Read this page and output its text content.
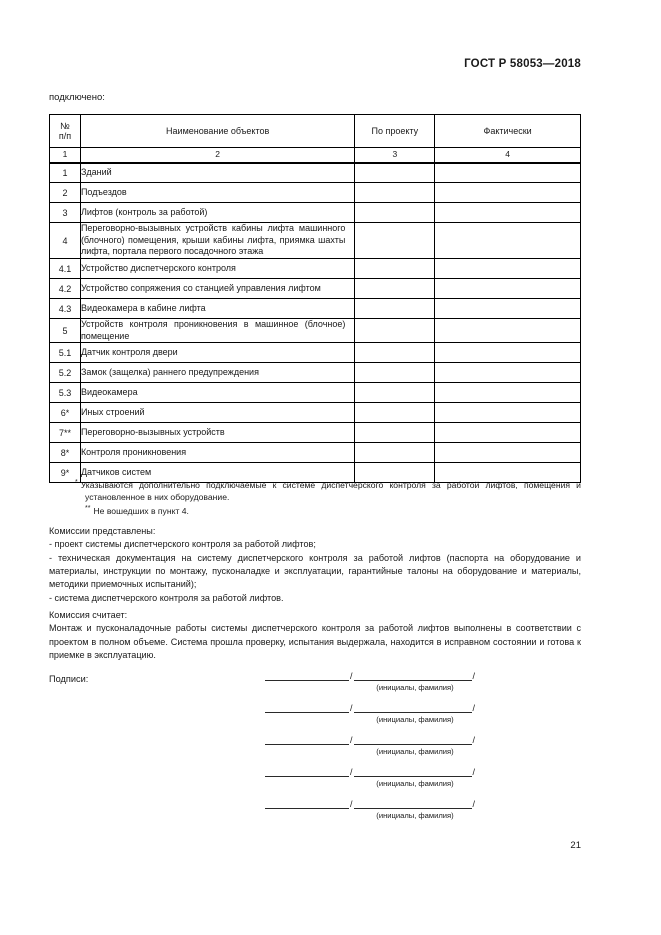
ГОСТ Р 58053—2018
подключено:
№
п/п	Наименование объектов	По проекту	Фактически
1	2	3	4
1	Зданий		
2	Подъездов		
3	Лифтов (контроль за работой)		
4	Переговорно-вызывных устройств кабины лифта машинного (блочного) помещения, крыши кабины лифта, приямка шахты лифта, портала первого посадочного этажа		
4.1	Устройство диспетчерского контроля		
4.2	Устройство сопряжения со станцией управления лифтом		
4.3	Видеокамера в кабине лифта		
5	Устройств контроля проникновения в машинное (блочное) помещение		
5.1	Датчик контроля двери		
5.2	Замок (защелка) раннего предупреждения		
5.3	Видеокамера		
6*	Иных строений		
7**	Переговорно-вызывных устройств		
8*	Контроля проникновения		
9*	Датчиков систем		

* Указываются дополнительно подключаемые к системе диспетчерского контроля за работой лифтов, помещения и установленное в них оборудование.

** Не вошедших в пункт 4.

Комиссии представлены:

- проект системы диспетчерского контроля за работой лифтов;

- техническая документация на систему диспетчерского контроля за работой лифтов (паспорта на оборудование и материалы, инструкции по монтажу, пусконаладке и эксплуатации, гарантийные талоны на оборудование и материалы, методики приемочных испытаний);

- система диспетчерского контроля за работой лифтов.

Комиссия считает:

Монтаж и пусконаладочные работы системы диспетчерского контроля за работой лифтов выполнены в соответствии с проектом в полном объеме. Система прошла проверку, испытания выдержала, находится в исправном состоянии и готова к приемке в эксплуатацию.

Подписи:	/	/
(инициалы, фамилия)
/	/
(инициалы, фамилия)
/	/
(инициалы, фамилия)
/	/
(инициалы, фамилия)
/	/
(инициалы, фамилия)
21
